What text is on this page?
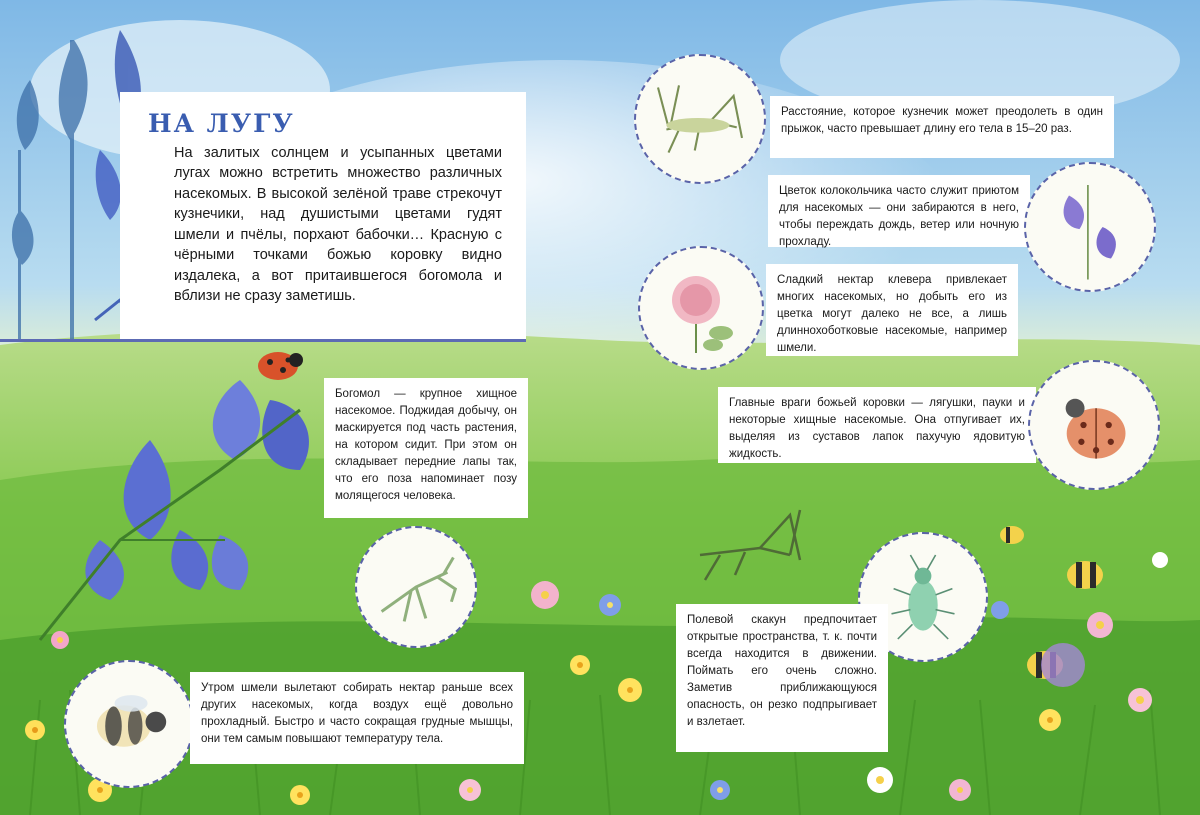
НА ЛУГУ

На залитых солнцем и усыпанных цветами лугах можно встретить множество различных насекомых. В высокой зелёной траве стрекочут кузнечики, над душистыми цветами гудят шмели и пчёлы, порхают бабочки… Красную с чёрными точками божью коровку видно издалека, а вот притаившегося богомола и вблизи не сразу заметишь.

Расстояние, которое кузнечик может преодолеть в один прыжок, часто превышает длину его тела в 15–20 раз.

Цветок колокольчика часто служит приютом для насекомых — они забираются в него, чтобы переждать дождь, ветер или ночную прохладу.

Сладкий нектар клевера привлекает многих насекомых, но добыть его из цветка могут далеко не все, а лишь длиннохоботковые насекомые, например шмели.

Главные враги божьей коровки — лягушки, пауки и некоторые хищные насекомые. Она отпугивает их, выделяя из суставов лапок пахучую ядовитую жидкость.

Богомол — крупное хищное насекомое. Поджидая добычу, он маскируется под часть растения, на котором сидит. При этом он складывает передние лапы так, что его поза напоминает позу молящегося человека.

Полевой скакун предпочитает открытые пространства, т. к. почти всегда находится в движении. Поймать его очень сложно. Заметив приближающуюся опасность, он резко подпрыгивает и взлетает.

Утром шмели вылетают собирать нектар раньше всех других насекомых, когда воздух ещё довольно прохладный. Быстро и часто сокращая грудные мышцы, они тем самым повышают температуру тела.
